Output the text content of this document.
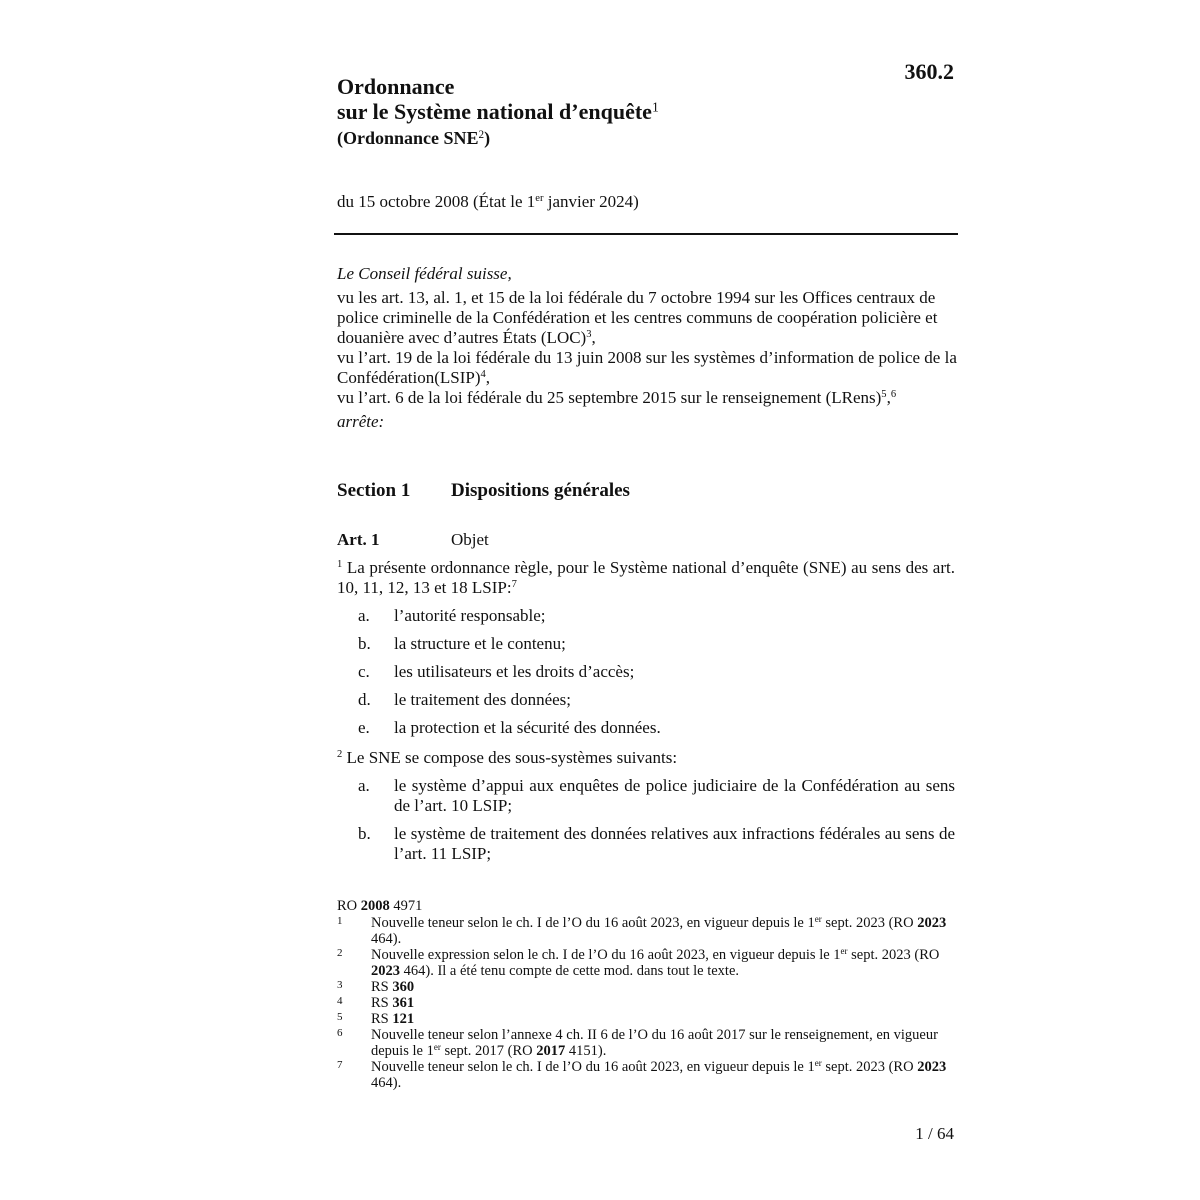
360.2
Ordonnance
sur le Système national d’enquête$^1$
(Ordonnance SNE$^2$)
du 15 octobre 2008 (État le 1er janvier 2024)

Le Conseil fédéral suisse,

vu les art. 13, al. 1, et 15 de la loi fédérale du 7 octobre 1994 sur les Offices centraux de police criminelle de la Confédération et les centres communs de coopération policière et douanière avec d’autres États (LOC)$^3$,

vu l’art. 19 de la loi fédérale du 13 juin 2008 sur les systèmes d’information de police de la Confédération(LSIP)$^4$,

vu l’art. 6 de la loi fédérale du 25 septembre 2015 sur le renseignement (LRens)$^5$,$^6$

arrête:

Section 1 Dispositions générales
Art. 1	Objet
$^1$ La présente ordonnance règle, pour le Système national d’enquête (SNE) au sens des art. 10, 11, 12, 13 et 18 LSIP:$^7$
a. l’autorité responsable;
b. la structure et le contenu;
c. les utilisateurs et les droits d’accès;
d. le traitement des données;
e. la protection et la sécurité des données.
$^2$ Le SNE se compose des sous-systèmes suivants:
a. le système d’appui aux enquêtes de police judiciaire de la Confédération au sens de l’art. 10 LSIP;
b. le système de traitement des données relatives aux infractions fédérales au sens de l’art. 11 LSIP;
RO 2008 4971
1 Nouvelle teneur selon le ch. I de l’O du 16 août 2023, en vigueur depuis le 1er sept. 2023 (RO 2023 464).
2 Nouvelle expression selon le ch. I de l’O du 16 août 2023, en vigueur depuis le 1er sept. 2023 (RO 2023 464). Il a été tenu compte de cette mod. dans tout le texte.
3 RS 360
4 RS 361
5 RS 121
6 Nouvelle teneur selon l’annexe 4 ch. II 6 de l’O du 16 août 2017 sur le renseignement, en vigueur depuis le 1er sept. 2017 (RO 2017 4151).
7 Nouvelle teneur selon le ch. I de l’O du 16 août 2023, en vigueur depuis le 1er sept. 2023 (RO 2023 464).
1 / 64
